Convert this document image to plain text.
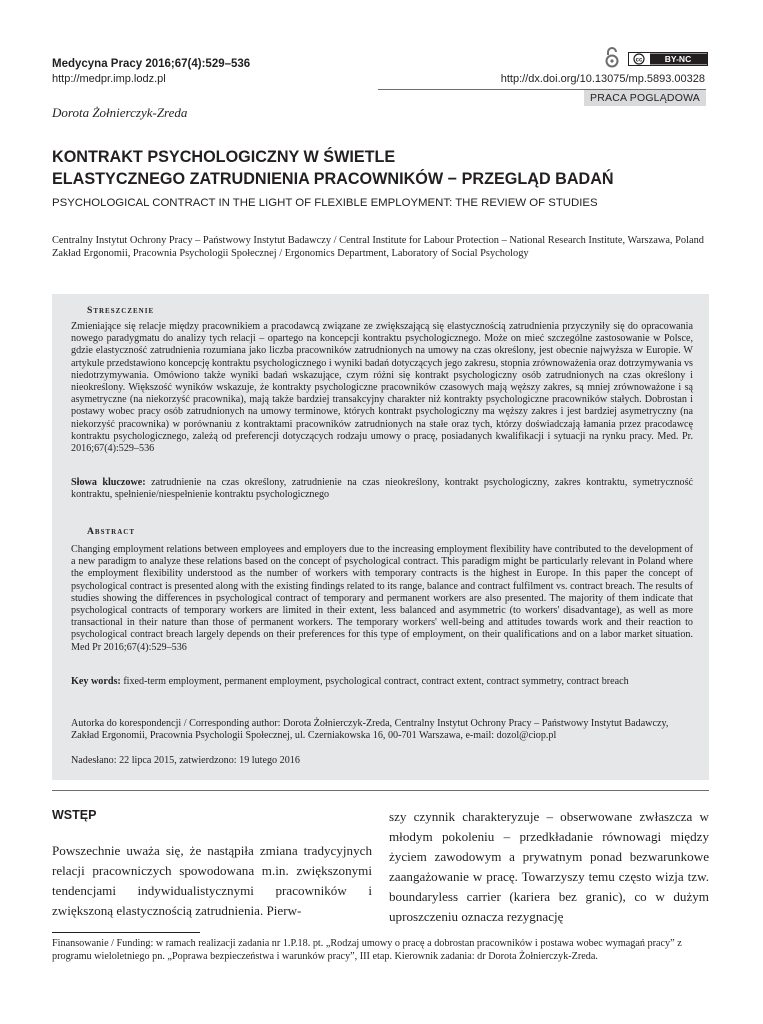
Medycyna Pracy 2016;67(4):529–536
http://medpr.imp.lodz.pl
cc	BY-NC
http://dx.doi.org/10.13075/mp.5893.00328
PRACA POGLĄDOWA
Dorota Żołnierczyk-Zreda
KONTRAKT PSYCHOLOGICZNY W ŚWIETLE
ELASTYCZNEGO ZATRUDNIENIA PRACOWNIKÓW − PRZEGLĄD BADAŃ
PSYCHOLOGICAL CONTRACT IN THE LIGHT OF FLEXIBLE EMPLOYMENT: THE REVIEW OF STUDIES
Centralny Instytut Ochrony Pracy – Państwowy Instytut Badawczy / Central Institute for Labour Protection – National Research Institute, Warszawa, Poland
Zakład Ergonomii, Pracownia Psychologii Społecznej / Ergonomics Department, Laboratory of Social Psychology
Streszczenie
Zmieniające się relacje między pracownikiem a pracodawcą związane ze zwiększającą się elastycznością zatrudnienia przyczyniły się do opracowania nowego paradygmatu do analizy tych relacji – opartego na koncepcji kontraktu psychologicznego. Może on mieć szczególne zastosowanie w Polsce, gdzie elastyczność zatrudnienia rozumiana jako liczba pracowników zatrudnionych na umowy na czas określony, jest obecnie najwyższa w Europie. W artykule przedstawiono koncepcję kontraktu psychologicznego i wyniki badań dotyczących jego zakresu, stopnia zrównoważenia oraz dotrzymywania vs niedotrzymywania. Omówiono także wyniki badań wskazujące, czym różni się kontrakt psychologiczny osób zatrudnionych na czas określony i nieokreślony. Większość wyników wskazuje, że kontrakty psychologiczne pracowników czasowych mają węższy zakres, są mniej zrównoważone i są asymetryczne (na niekorzyść pracownika), mają także bardziej transakcyjny charakter niż kontrakty psychologiczne pracowników stałych. Dobrostan i postawy wobec pracy osób zatrudnionych na umowy terminowe, których kontrakt psychologiczny ma węższy zakres i jest bardziej asymetryczny (na niekorzyść pracownika) w porównaniu z kontraktami pracowników zatrudnionych na stałe oraz tych, którzy doświadczają łamania przez pracodawcę kontraktu psychologicznego, zależą od preferencji dotyczących rodzaju umowy o pracę, posiadanych kwalifikacji i sytuacji na rynku pracy. Med. Pr. 2016;67(4):529–536
Słowa kluczowe: zatrudnienie na czas określony, zatrudnienie na czas nieokreślony, kontrakt psychologiczny, zakres kontraktu, symetryczność kontraktu, spełnienie/niespełnienie kontraktu psychologicznego
Abstract
Changing employment relations between employees and employers due to the increasing employment flexibility have contributed to the development of a new paradigm to analyze these relations based on the concept of psychological contract. This paradigm might be particularly relevant in Poland where the employment flexibility understood as the number of workers with temporary contracts is the highest in Europe. In this paper the concept of psychological contract is presented along with the existing findings related to its range, balance and contract fulfilment vs. contract breach. The results of studies showing the differences in psychological contract of temporary and permanent workers are also presented. The majority of them indicate that psychological contracts of temporary workers are limited in their extent, less balanced and asymmetric (to workers' disadvantage), as well as more transactional in their nature than those of permanent workers. The temporary workers' well-being and attitudes towards work and their reaction to psychological contract breach largely depends on their preferences for this type of employment, on their qualifications and on a labor market situation. Med Pr 2016;67(4):529–536
Key words: fixed-term employment, permanent employment, psychological contract, contract extent, contract symmetry, contract breach
Autorka do korespondencji / Corresponding author: Dorota Żołnierczyk-Zreda, Centralny Instytut Ochrony Pracy – Państwowy Instytut Badawczy, Zakład Ergonomii, Pracownia Psychologii Społecznej, ul. Czerniakowska 16, 00-701 Warszawa, e-mail: dozol@ciop.pl
Nadesłano: 22 lipca 2015, zatwierdzono: 19 lutego 2016
WSTĘP
Powszechnie uważa się, że nastąpiła zmiana tradycyjnych relacji pracowniczych spowodowana m.in. zwiększonymi tendencjami indywidualistycznymi pracowników i zwiększoną elastycznością zatrudnienia. Pierw-
szy czynnik charakteryzuje – obserwowane zwłaszcza w młodym pokoleniu – przedkładanie równowagi między życiem zawodowym a prywatnym ponad bezwarunkowe zaangażowanie w pracę. Towarzyszy temu często wizja tzw. boundaryless carrier (kariera bez granic), co w dużym uproszczeniu oznacza rezygnację
Finansowanie / Funding: w ramach realizacji zadania nr 1.P.18. pt. „Rodzaj umowy o pracę a dobrostan pracowników i postawa wobec wymagań pracy” z programu wieloletniego pn. „Poprawa bezpieczeństwa i warunków pracy”, III etap. Kierownik zadania: dr Dorota Żołnierczyk-Zreda.
